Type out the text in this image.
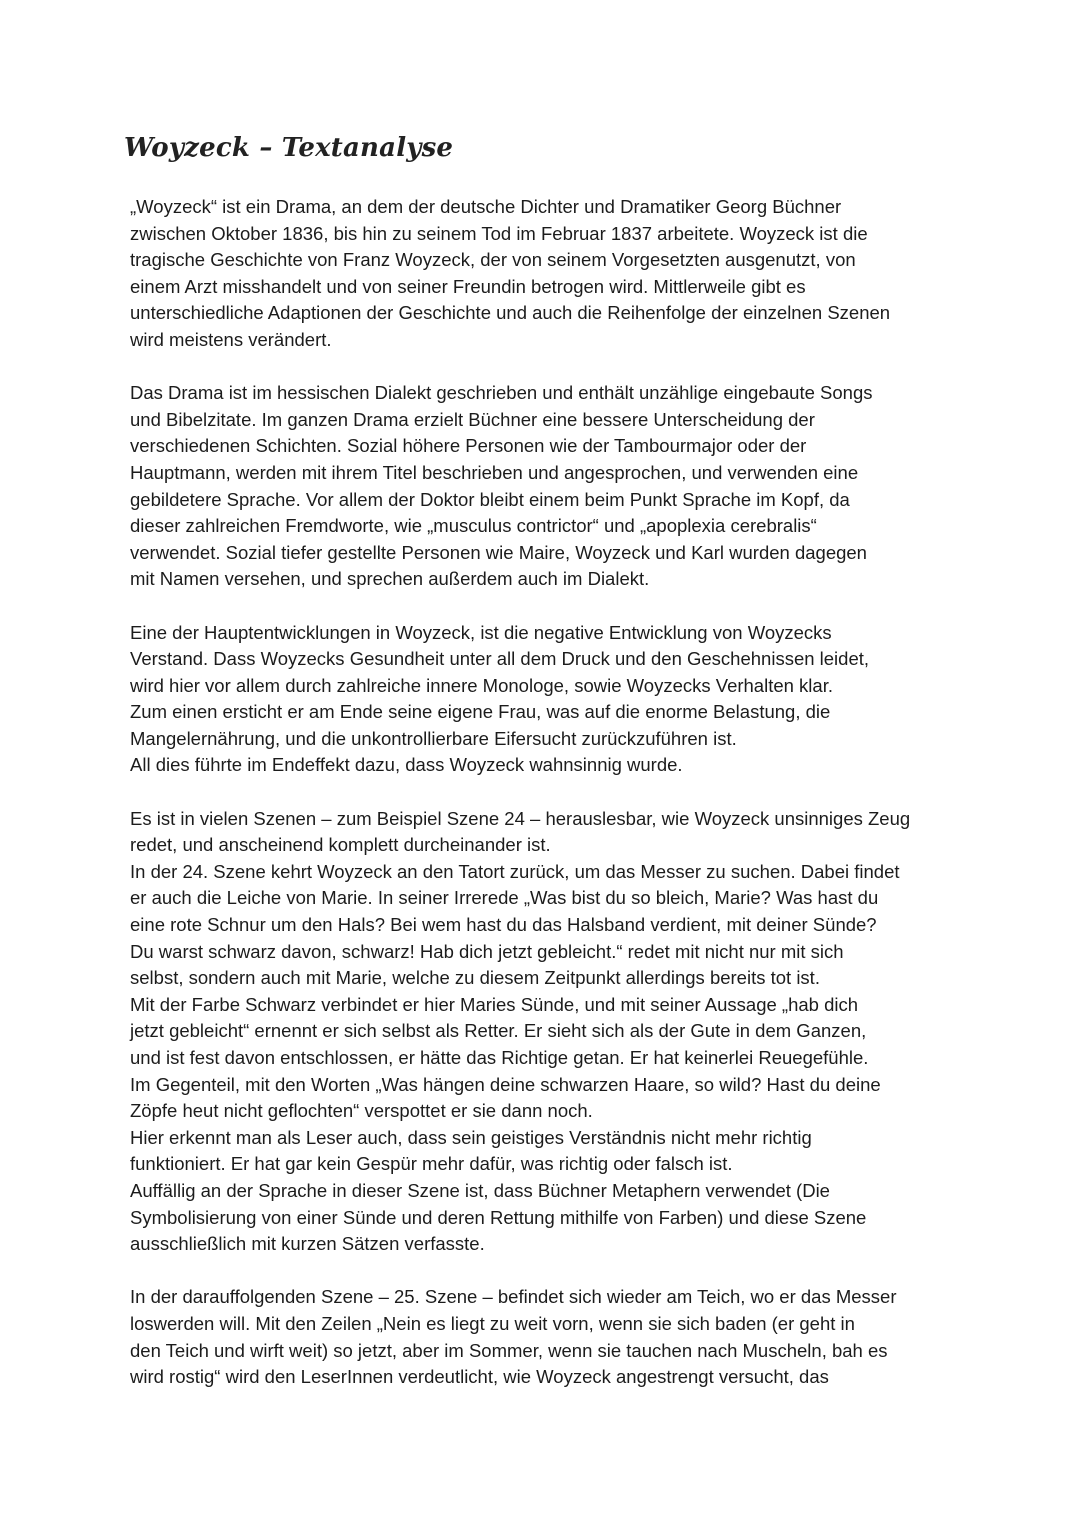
Woyzeck – Textanalyse
„Woyzeck“ ist ein Drama, an dem der deutsche Dichter und Dramatiker Georg Büchner
zwischen Oktober 1836, bis hin zu seinem Tod im Februar 1837 arbeitete. Woyzeck ist die
tragische Geschichte von Franz Woyzeck, der von seinem Vorgesetzten ausgenutzt, von
einem Arzt misshandelt und von seiner Freundin betrogen wird. Mittlerweile gibt es
unterschiedliche Adaptionen der Geschichte und auch die Reihenfolge der einzelnen Szenen
wird meistens verändert.
Das Drama ist im hessischen Dialekt geschrieben und enthält unzählige eingebaute Songs
und Bibelzitate. Im ganzen Drama erzielt Büchner eine bessere Unterscheidung der
verschiedenen Schichten. Sozial höhere Personen wie der Tambourmajor oder der
Hauptmann, werden mit ihrem Titel beschrieben und angesprochen, und verwenden eine
gebildetere Sprache. Vor allem der Doktor bleibt einem beim Punkt Sprache im Kopf, da
dieser zahlreichen Fremdworte, wie „musculus contrictor“ und „apoplexia cerebralis“
verwendet. Sozial tiefer gestellte Personen wie Maire, Woyzeck und Karl wurden dagegen
mit Namen versehen, und sprechen außerdem auch im Dialekt.
Eine der Hauptentwicklungen in Woyzeck, ist die negative Entwicklung von Woyzecks
Verstand. Dass Woyzecks Gesundheit unter all dem Druck und den Geschehnissen leidet,
wird hier vor allem durch zahlreiche innere Monologe, sowie Woyzecks Verhalten klar.
Zum einen ersticht er am Ende seine eigene Frau, was auf die enorme Belastung, die
Mangelernährung, und die unkontrollierbare Eifersucht zurückzuführen ist.
All dies führte im Endeffekt dazu, dass Woyzeck wahnsinnig wurde.
Es ist in vielen Szenen – zum Beispiel Szene 24 – herauslesbar, wie Woyzeck unsinniges Zeug
redet, und anscheinend komplett durcheinander ist.
In der 24. Szene kehrt Woyzeck an den Tatort zurück, um das Messer zu suchen. Dabei findet
er auch die Leiche von Marie. In seiner Irrerede „Was bist du so bleich, Marie? Was hast du
eine rote Schnur um den Hals? Bei wem hast du das Halsband verdient, mit deiner Sünde?
Du warst schwarz davon, schwarz! Hab dich jetzt gebleicht.“ redet mit nicht nur mit sich
selbst, sondern auch mit Marie, welche zu diesem Zeitpunkt allerdings bereits tot ist.
Mit der Farbe Schwarz verbindet er hier Maries Sünde, und mit seiner Aussage „hab dich
jetzt gebleicht“ ernennt er sich selbst als Retter. Er sieht sich als der Gute in dem Ganzen,
und ist fest davon entschlossen, er hätte das Richtige getan. Er hat keinerlei Reuegefühle.
Im Gegenteil, mit den Worten „Was hängen deine schwarzen Haare, so wild? Hast du deine
Zöpfe heut nicht geflochten“ verspottet er sie dann noch.
Hier erkennt man als Leser auch, dass sein geistiges Verständnis nicht mehr richtig
funktioniert. Er hat gar kein Gespür mehr dafür, was richtig oder falsch ist.
Auffällig an der Sprache in dieser Szene ist, dass Büchner Metaphern verwendet (Die
Symbolisierung von einer Sünde und deren Rettung mithilfe von Farben) und diese Szene
ausschließlich mit kurzen Sätzen verfasste.
In der darauffolgenden Szene – 25. Szene – befindet sich wieder am Teich, wo er das Messer
loswerden will. Mit den Zeilen „Nein es liegt zu weit vorn, wenn sie sich baden (er geht in
den Teich und wirft weit) so jetzt, aber im Sommer, wenn sie tauchen nach Muscheln, bah es
wird rostig“ wird den LeserInnen verdeutlicht, wie Woyzeck angestrengt versucht, das
